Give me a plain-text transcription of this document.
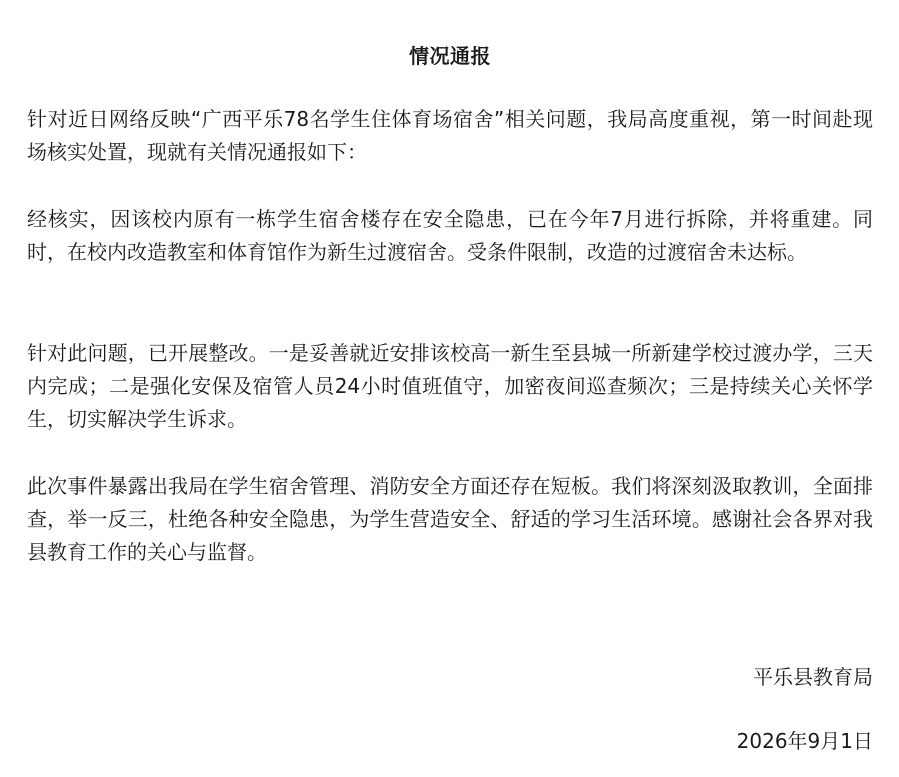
情况通报

针对近日网络反映“广西平乐78名学生住体育场宿舍”相关问题，我局高度重视，第一时间赴现场核实处置，现就有关情况通报如下：

经核实，因该校内原有一栋学生宿舍楼存在安全隐患，已在今年7月进行拆除，并将重建。同时，在校内改造教室和体育馆作为新生过渡宿舍。受条件限制，改造的过渡宿舍未达标。

针对此问题，已开展整改。一是妥善就近安排该校高一新生至县城一所新建学校过渡办学，三天内完成；二是强化安保及宿管人员24小时值班值守，加密夜间巡查频次；三是持续关心关怀学生，切实解决学生诉求。

此次事件暴露出我局在学生宿舍管理、消防安全方面还存在短板。我们将深刻汲取教训，全面排查，举一反三，杜绝各种安全隐患，为学生营造安全、舒适的学习生活环境。感谢社会各界对我县教育工作的关心与监督。

平乐县教育局
2026年9月1日
